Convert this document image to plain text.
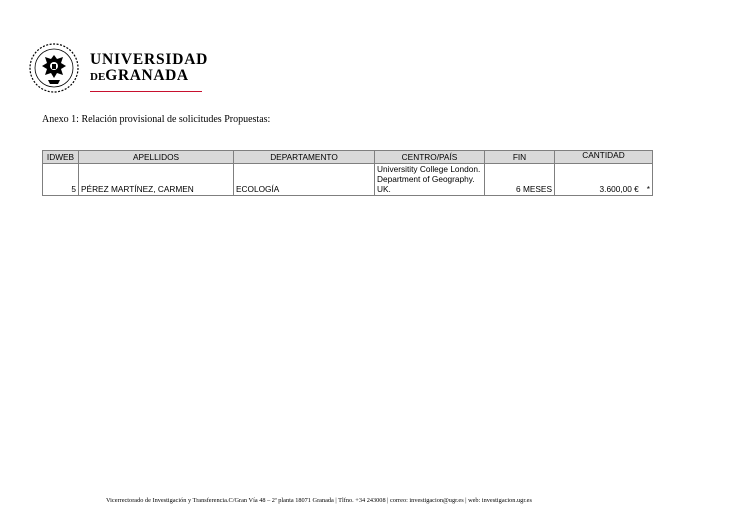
UNIVERSIDAD
DEGRANADA
Anexo 1: Relación provisional de solicitudes Propuestas:
IDWEB	APELLIDOS	DEPARTAMENTO	CENTRO/PAÍS	FIN	CANTIDAD
5	PÉREZ MARTÍNEZ, CARMEN	ECOLOGÍA	Universitity College London. Department of Geography. UK.	6 MESES	3.600,00 € *
Vicerrectorado de Investigación y Transferencia.C/Gran Vía 48 – 2ª planta 18071 Granada | Tlfno. +34 243008 | correo: investigacion@ugr.es | web: investigacion.ugr.es
